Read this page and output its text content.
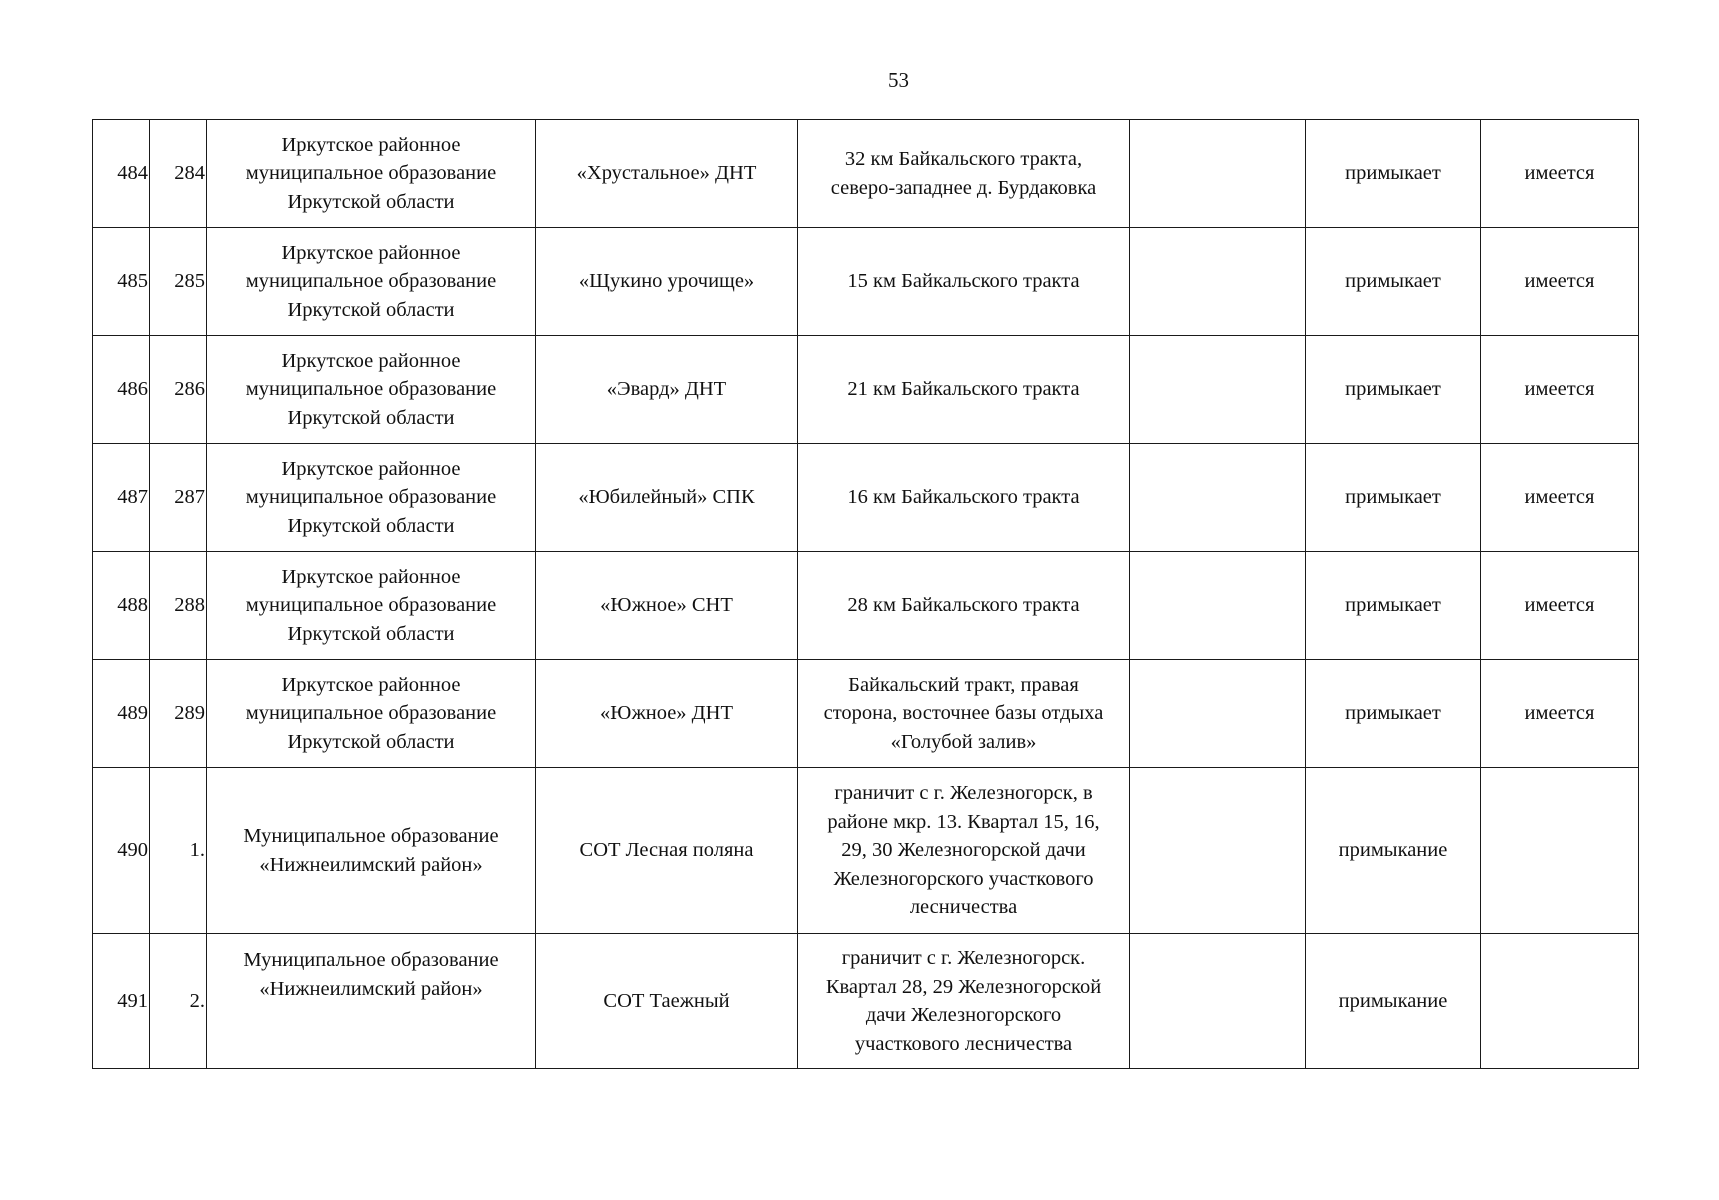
53
484	284	Иркутское районное
муниципальное образование
Иркутской области	«Хрустальное» ДНТ	32 км Байкальского тракта,
северо-западнее д. Бурдаковка		примыкает	имеется
485	285	Иркутское районное
муниципальное образование
Иркутской области	«Щукино урочище»	15 км Байкальского тракта		примыкает	имеется
486	286	Иркутское районное
муниципальное образование
Иркутской области	«Эвард» ДНТ	21 км Байкальского тракта		примыкает	имеется
487	287	Иркутское районное
муниципальное образование
Иркутской области	«Юбилейный» СПК	16 км Байкальского тракта		примыкает	имеется
488	288	Иркутское районное
муниципальное образование
Иркутской области	«Южное» СНТ	28 км Байкальского тракта		примыкает	имеется
489	289	Иркутское районное
муниципальное образование
Иркутской области	«Южное» ДНТ	Байкальский тракт, правая
сторона, восточнее базы отдыха
«Голубой залив»		примыкает	имеется
490	1.	Муниципальное образование
«Нижнеилимский район»	СОТ Лесная поляна	граничит с г. Железногорск, в
районе мкр. 13. Квартал 15, 16,
29, 30 Железногорской дачи
Железногорского участкового
лесничества		примыкание	
491	2.	Муниципальное образование
«Нижнеилимский район»	СОТ Таежный	граничит с г. Железногорск.
Квартал 28, 29 Железногорской
дачи Железногорского
участкового лесничества		примыкание	
